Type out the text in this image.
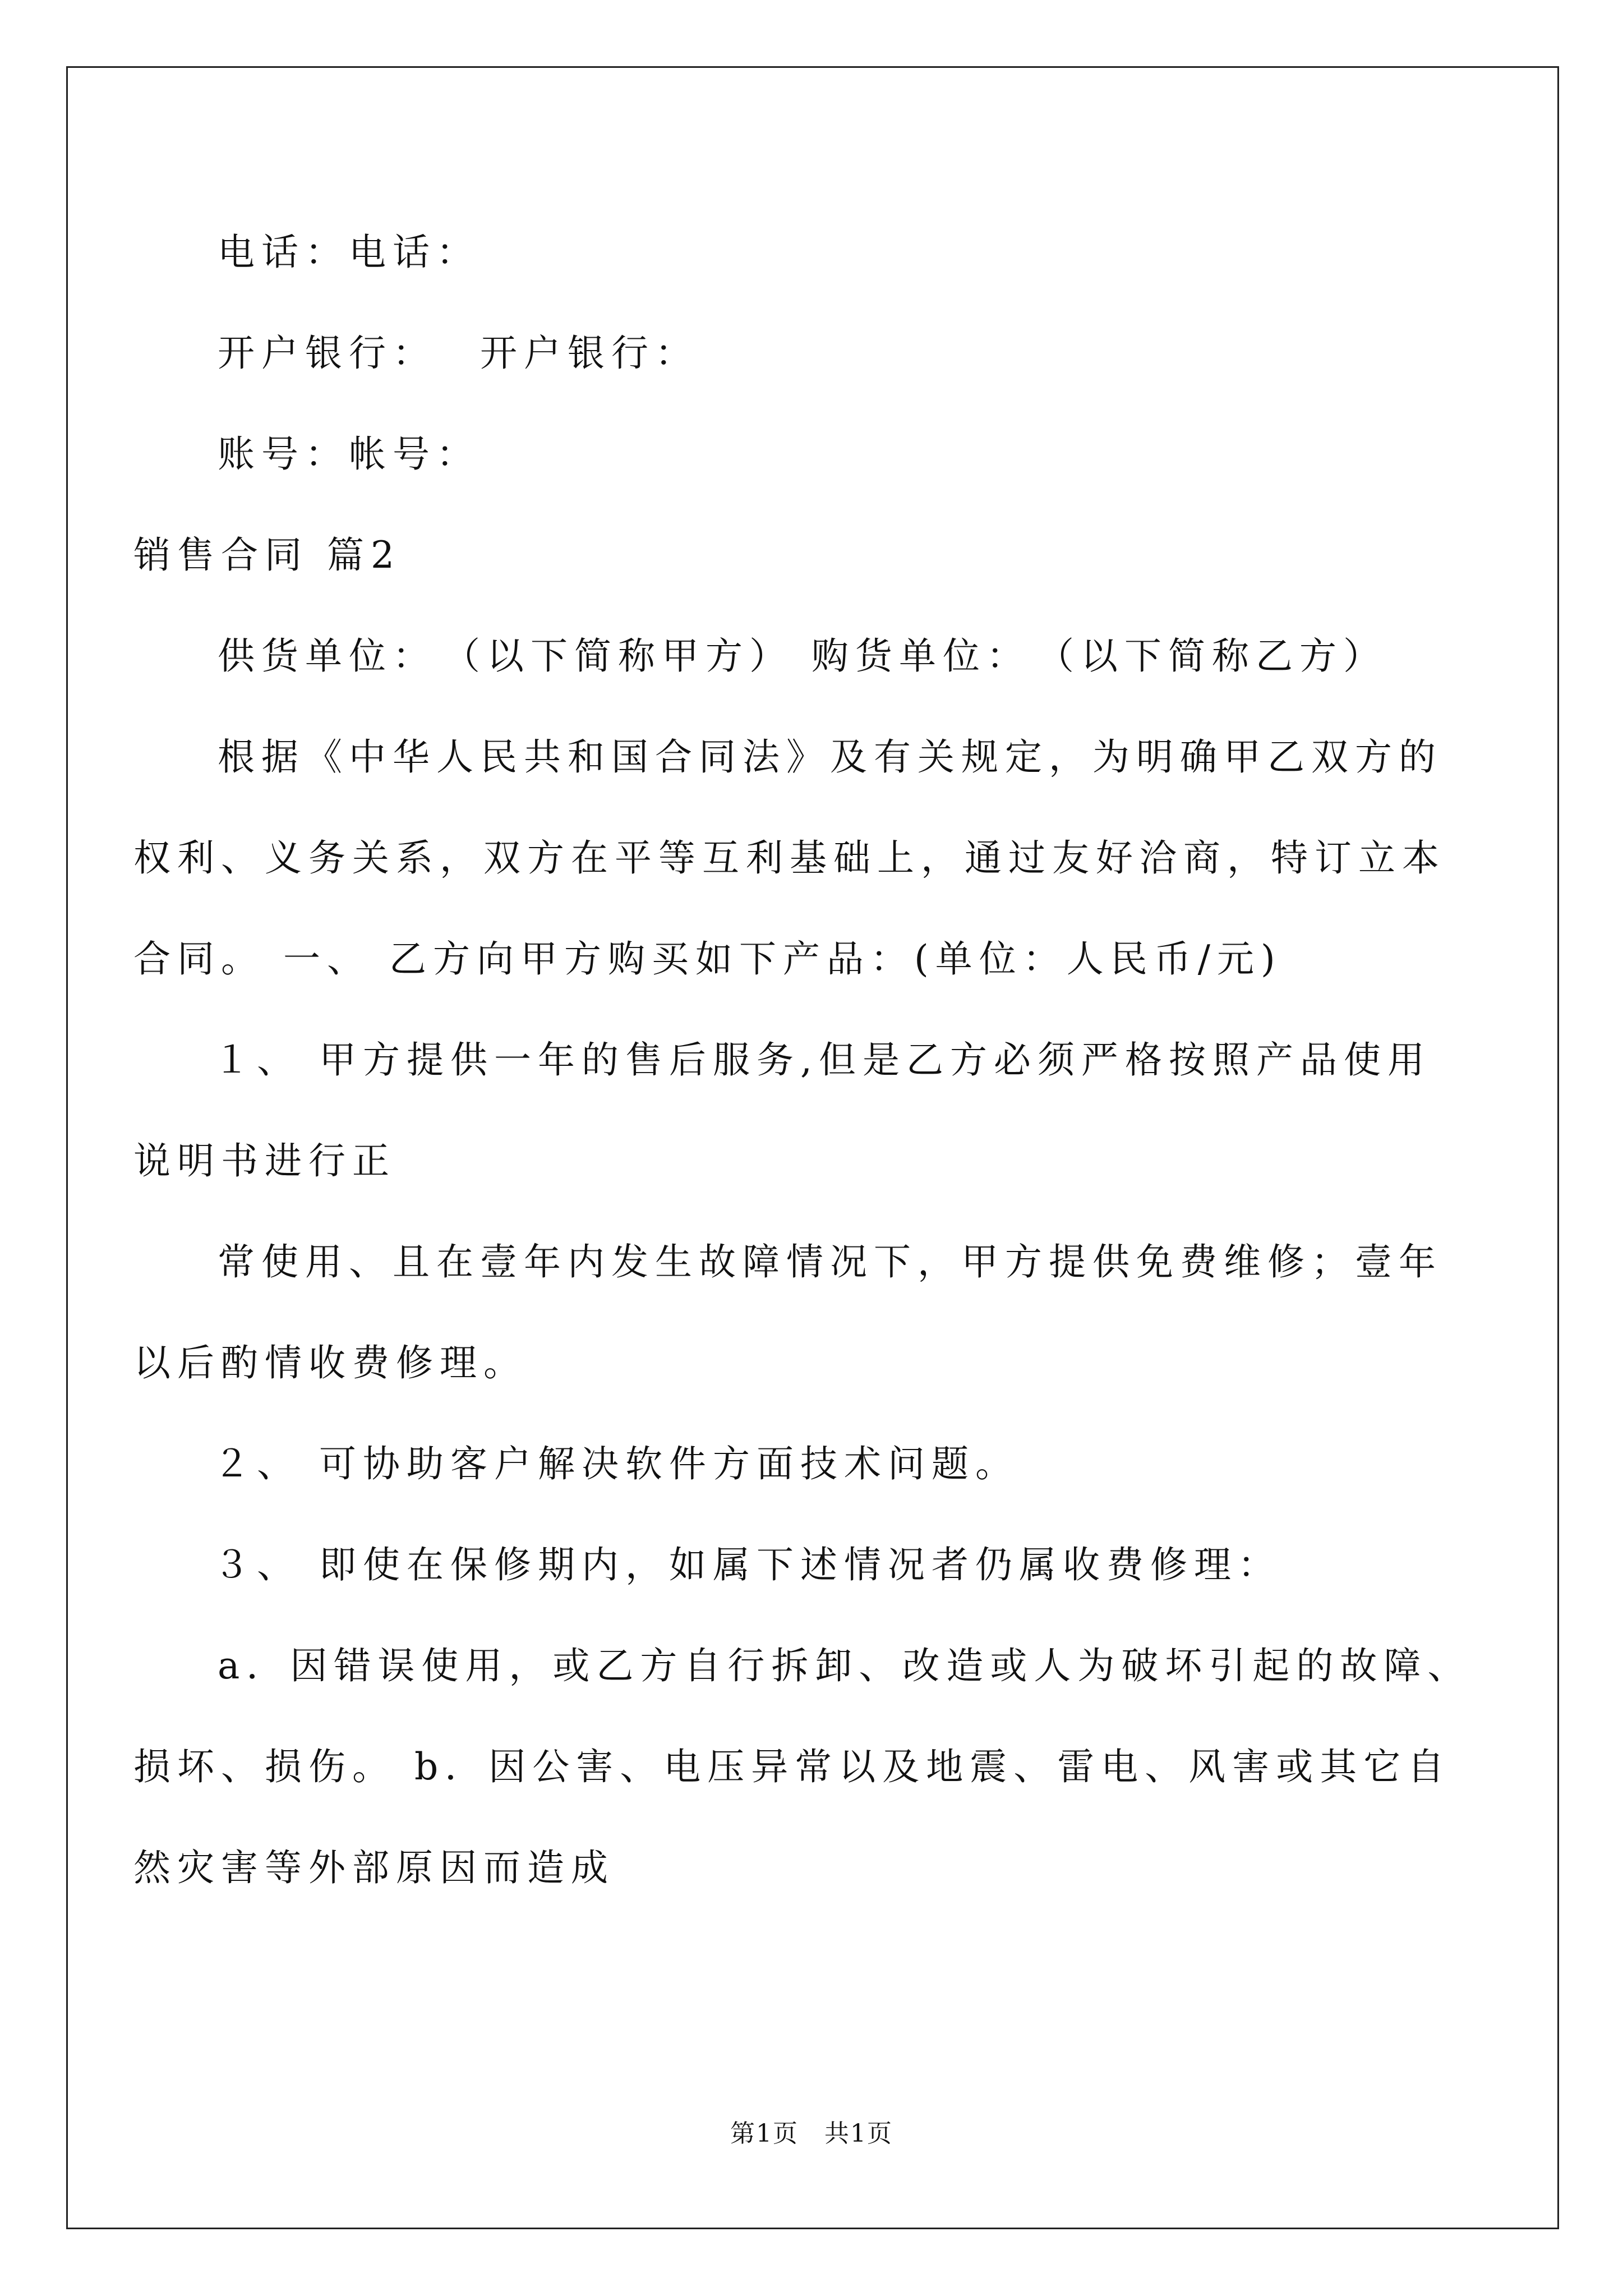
电话：电话：
开户银行：　 开户银行：
账号：帐号：
销售合同 篇2
供货单位：　（以下简称甲方） 购货单位：　（以下简称乙方）
根据《中华人民共和国合同法》及有关规定，为明确甲乙双方的
权利、义务关系，双方在平等互利基础上，通过友好洽商，特订立本
合同。 一、 乙方向甲方购买如下产品：(单位：人民币/元)
１、 甲方提供一年的售后服务,但是乙方必须严格按照产品使用
说明书进行正
常使用、且在壹年内发生故障情况下，甲方提供免费维修；壹年
以后酌情收费修理。
２、 可协助客户解决软件方面技术问题。
３、 即使在保修期内，如属下述情况者仍属收费修理：
a．因错误使用，或乙方自行拆卸、改造或人为破坏引起的故障、
损坏、损伤。 b．因公害、电压异常以及地震、雷电、风害或其它自
然灾害等外部原因而造成
第1页　共1页
